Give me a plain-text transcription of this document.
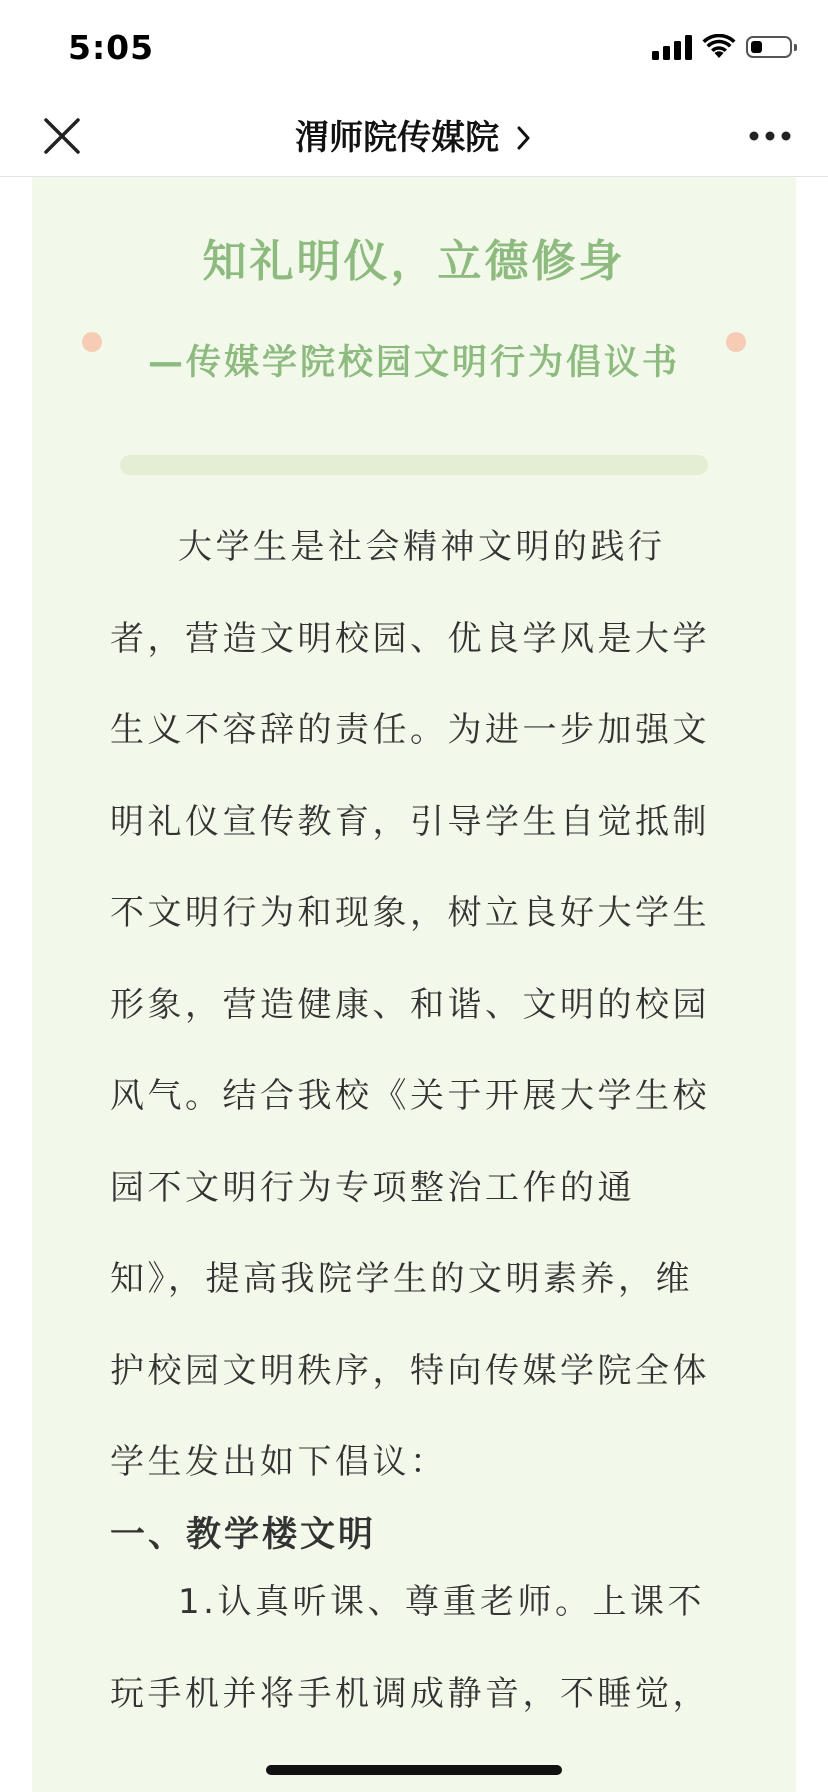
5:05
渭师院传媒院
知礼明仪，立德修身
—传媒学院校园文明行为倡议书

大学生是社会精神文明的践行者，营造文明校园、优良学风是大学生义不容辞的责任。为进一步加强文明礼仪宣传教育，引导学生自觉抵制不文明行为和现象，树立良好大学生形象，营造健康、和谐、文明的校园风气。结合我校《关于开展大学生校园不文明行为专项整治工作的通知》，提高我院学生的文明素养，维护校园文明秩序，特向传媒学院全体学生发出如下倡议：

一、教学楼文明

1.认真听课、尊重老师。上课不玩手机并将手机调成静音，不睡觉，
